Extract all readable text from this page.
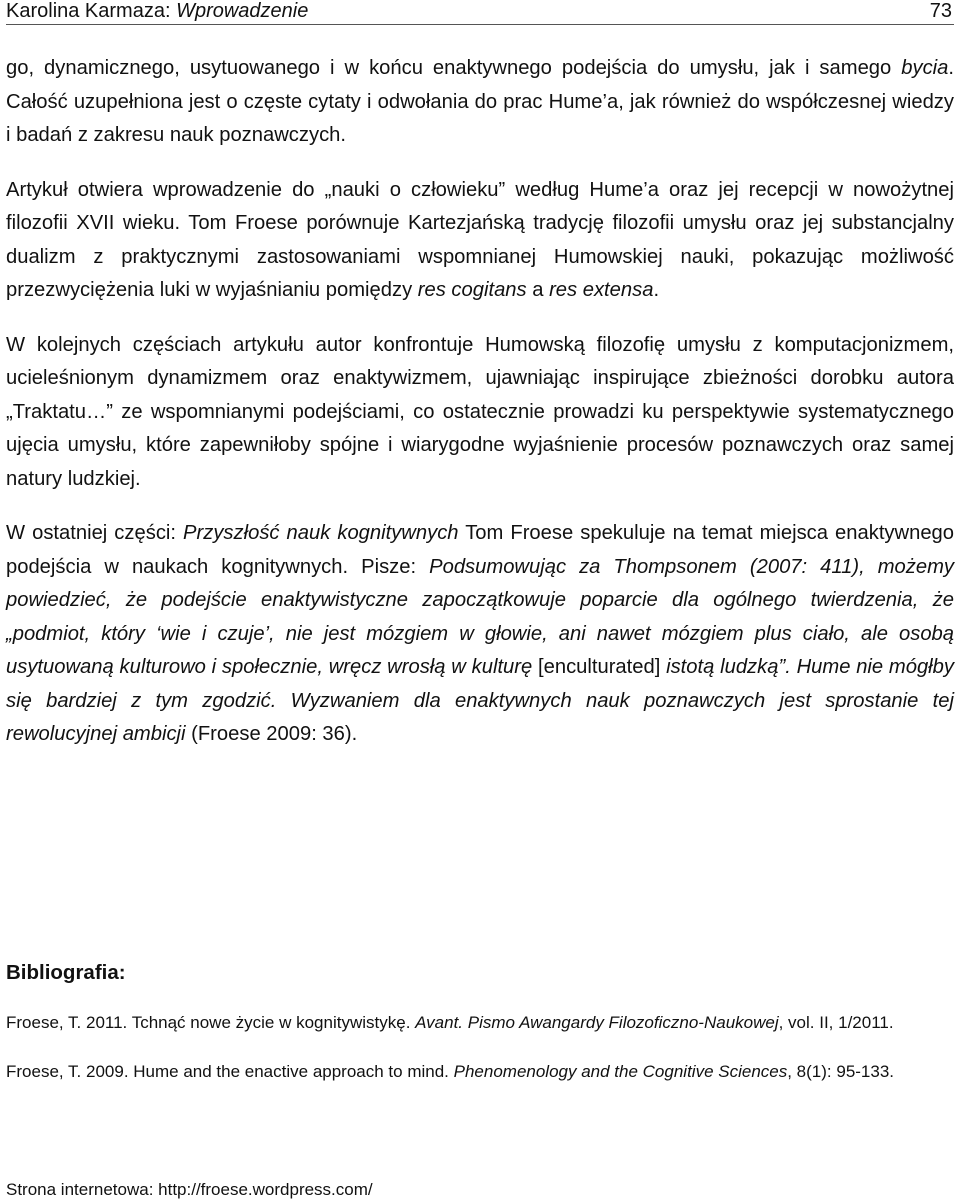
Karolina Karmaza: Wprowadzenie	73

go, dynamicznego, usytuowanego i w końcu enaktywnego podejścia do umysłu, jak i samego bycia. Całość uzupełniona jest o częste cytaty i odwołania do prac Hume’a, jak również do współczesnej wiedzy i badań z zakresu nauk poznawczych.

Artykuł otwiera wprowadzenie do „nauki o człowieku” według Hume’a oraz jej recepcji w nowożytnej filozofii XVII wieku. Tom Froese porównuje Kartezjańską tradycję filozofii umysłu oraz jej substancjalny dualizm z praktycznymi zastosowaniami wspomnianej Humowskiej nauki, pokazując możliwość przezwyciężenia luki w wyjaśnianiu pomiędzy res cogitans a res extensa.

W kolejnych częściach artykułu autor konfrontuje Humowską filozofię umysłu z komputacjonizmem, ucieleśnionym dynamizmem oraz enaktywizmem, ujawniając inspirujące zbieżności dorobku autora „Traktatu…” ze wspomnianymi podejściami, co ostatecznie prowadzi ku perspektywie systematycznego ujęcia umysłu, które zapewniłoby spójne i wiarygodne wyjaśnienie procesów poznawczych oraz samej natury ludzkiej.

W ostatniej części: Przyszłość nauk kognitywnych Tom Froese spekuluje na temat miejsca enaktywnego podejścia w naukach kognitywnych. Pisze: Podsumowując za Thompsonem (2007: 411), możemy powiedzieć, że podejście enaktywistyczne zapoczątkowuje poparcie dla ogólnego twierdzenia, że „podmiot, który ‘wie i czuje’, nie jest mózgiem w głowie, ani nawet mózgiem plus ciało, ale osobą usytuowaną kulturowo i społecznie, wręcz wrosłą w kulturę [enculturated] istotą ludzką”. Hume nie mógłby się bardziej z tym zgodzić. Wyzwaniem dla enaktywnych nauk poznawczych jest sprostanie tej rewolucyjnej ambicji (Froese 2009: 36).

Bibliografia:
Froese, T. 2011. Tchnąć nowe życie w kognitywistykę. Avant. Pismo Awangardy Filozoficzno-Naukowej, vol. II, 1/2011.
Froese, T. 2009. Hume and the enactive approach to mind. Phenomenology and the Cognitive Sciences, 8(1): 95-133.
Strona internetowa: http://froese.wordpress.com/
